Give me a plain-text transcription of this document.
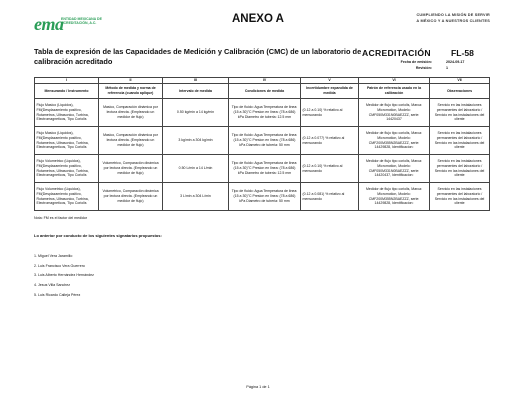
ema
ENTIDAD MEXICANA DE ACREDITACIÓN, A.C.	ANEXO A	CUMPLIENDO LA MISIÓN DE SERVIR
A MÉXICO Y A NUESTROS CLIENTES
Tabla de expresión de las Capacidades de Medición y Calibración (CMC) de un laboratorio de calibración acreditado
ACREDITACIÓN FL-58
Fecha de emisión:	2024-09-17
Revisión:	1
I	II	III	IV	V	VI	VII
Mensurando / Instrumento	Método de medida y norma de referencia (cuando aplique)	Intervalo de medida	Condiciones de medida	Incertidumbre expandida de medida	Patrón de referencia usado en la calibración	Observaciones
Flujo Masico (Liquidos), FM(Desplazamiento positivo, Rotametros, Ultrasonico, Turbina, Electromagneticos, Tipo Coriolis	Masico, Comparación dinámica por lectura directa. (Empleando un medidor de flujo)	0.50 kg/min a 14 kg/min	Tipo de fluido: Agua Temperatura de linea: (15 a 30)°C Presion en linea: (78 a 686) kPa Diametro de tuberia: 12.5 mm	(0.12 a 0.10) % relativo al mensurando	Medidor de flujo tipo coriolis, Marca: Micromotion, Modelo: CMF050M331N0BAEZZZ, serie: 14420437	Servicio en las instalaciones permanentes del laboratorio / Servicio en las instalaciones del cliente
Flujo Masico (Liquidos), FM(Desplazamiento positivo, Rotametros, Ultrasonico, Turbina, Electromagneticos, Tipo Coriolis	Masico, Comparación dinámica por lectura directa. (Empleando un medidor de flujo)	3 kg/min a 304 kg/min	Tipo de fluido: Agua Temperatura de linea: (15 a 30)°C Presion en linea: (78 a 686) kPa Diametro de tuberia: 50 mm	(0.12 a 0.077) % relativo al mensurando	Medidor de flujo tipo coriolis, Marca: Micromotion, Modelo: CMF200M355N2BAEZZZ, serie: 14429828, Identificacion:	Servicio en las instalaciones permanentes del laboratorio / Servicio en las instalaciones del cliente
Flujo Volumetrico (Liquidos), FM(Desplazamiento positivo, Rotametros, Ultrasonico, Turbina, Electromagneticos, Tipo Coriolis	Volumetrico, Comparación dinámica por lectura directa. (Empleando un medidor de flujo)	0.50 L/min a 14 L/min	Tipo de fluido: Agua Temperatura de linea: (15 a 30)°C Presion en linea: (78 a 686) kPa Diametro de tuberia: 12.5 mm	(0.12 a 0.10) % relativo al mensurando	Medidor de flujo tipo coriolis, Marca: Micromotion, Modelo: CMF050M331N0BAEZZZ, serie: 14420437, Identificacion:	Servicio en las instalaciones permanentes del laboratorio / Servicio en las instalaciones del cliente
Flujo Volumetrico (Liquidos), FM(Desplazamiento positivo, Rotametros, Ultrasonico, Turbina, Electromagneticos, Tipo Coriolis	Volumetrico, Comparación dinámica por lectura directa. (Empleando un medidor de flujo)	3 L/min a 304 L/min	Tipo de fluido: Agua Temperatura de linea: (15 a 30)°C Presion en linea: (78 a 686) kPa Diametro de tuberia: 50 mm	(0.12 a 0.081) % relativo al mensurando	Medidor de flujo tipo coriolis, Marca: Micromotion, Modelo: CMF200M355N2BAEZZZ, serie: 14429828, Identificacion:	Servicio en las instalaciones permanentes del laboratorio / Servicio en las instalaciones del cliente
Nota: FM es el factor del medidor
Lo anterior por conducto de los siguientes signatarios propuestos:
1. Miguel Vera Jaramillo
2. Luis Francisco Vera Guerrero
3. Luis Alberto Hernández Hernández
4. Jesus Villa Sanchez
5. Luis Ricardo Calleja Pérez
Página 1 de 1
